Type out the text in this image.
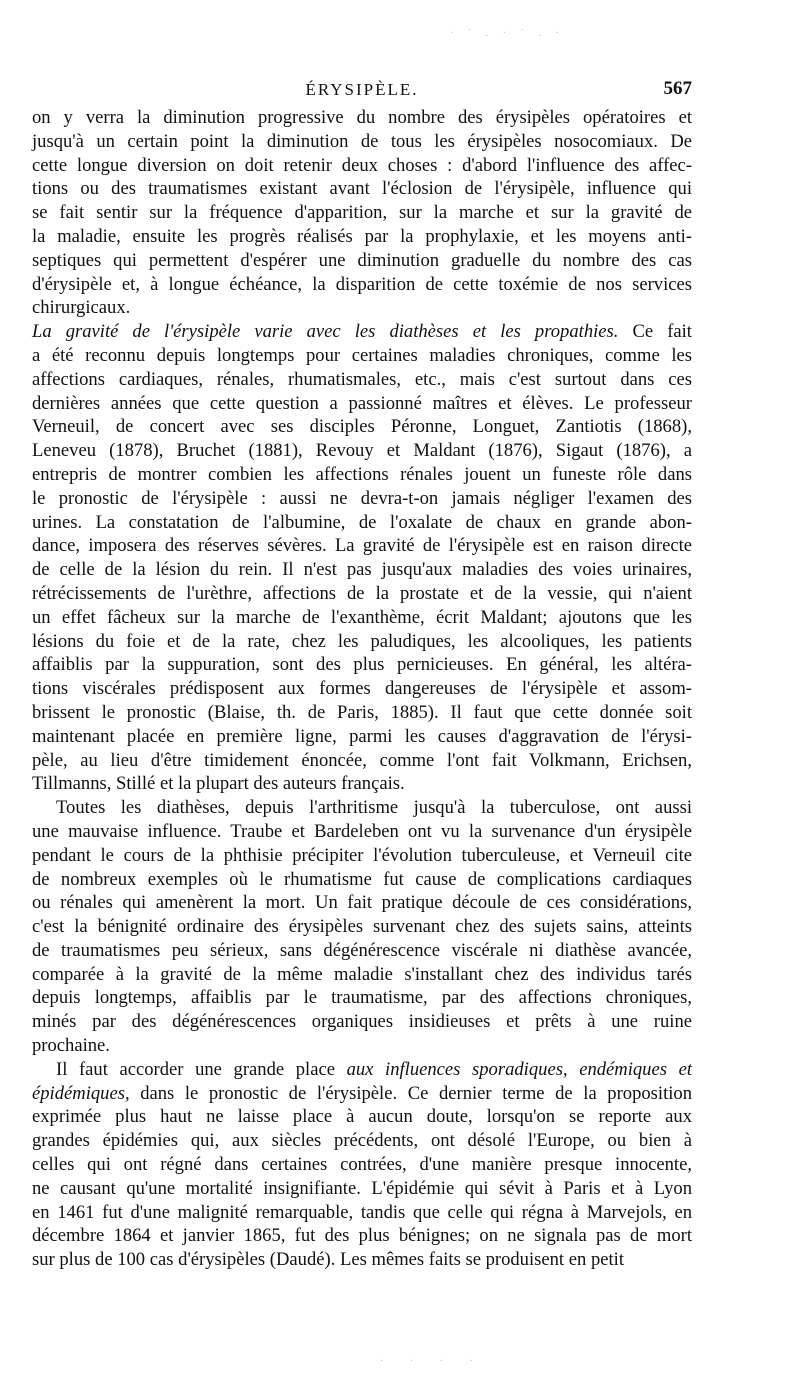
· ˙ . · ˙ . ·
ÉRYSIPÈLE.	567
on y verra la diminution progressive du nombre des érysipèles opératoires et
jusqu'à un certain point la diminution de tous les érysipèles nosocomiaux. De
cette longue diversion on doit retenir deux choses : d'abord l'influence des affec-
tions ou des traumatismes existant avant l'éclosion de l'érysipèle, influence qui
se fait sentir sur la fréquence d'apparition, sur la marche et sur la gravité de
la maladie, ensuite les progrès réalisés par la prophylaxie, et les moyens anti-
septiques qui permettent d'espérer une diminution graduelle du nombre des cas
d'érysipèle et, à longue échéance, la disparition de cette toxémie de nos services
chirurgicaux.
La gravité de l'érysipèle varie avec les diathèses et les propathies. Ce fait
a été reconnu depuis longtemps pour certaines maladies chroniques, comme les
affections cardiaques, rénales, rhumatismales, etc., mais c'est surtout dans ces
dernières années que cette question a passionné maîtres et élèves. Le professeur
Verneuil, de concert avec ses disciples Péronne, Longuet, Zantiotis (1868),
Leneveu (1878), Bruchet (1881), Revouy et Maldant (1876), Sigaut (1876), a
entrepris de montrer combien les affections rénales jouent un funeste rôle dans
le pronostic de l'érysipèle : aussi ne devra-t-on jamais négliger l'examen des
urines. La constatation de l'albumine, de l'oxalate de chaux en grande abon-
dance, imposera des réserves sévères. La gravité de l'érysipèle est en raison directe
de celle de la lésion du rein. Il n'est pas jusqu'aux maladies des voies urinaires,
rétrécissements de l'urèthre, affections de la prostate et de la vessie, qui n'aient
un effet fâcheux sur la marche de l'exanthème, écrit Maldant; ajoutons que les
lésions du foie et de la rate, chez les paludiques, les alcooliques, les patients
affaiblis par la suppuration, sont des plus pernicieuses. En général, les altéra-
tions viscérales prédisposent aux formes dangereuses de l'érysipèle et assom-
brissent le pronostic (Blaise, th. de Paris, 1885). Il faut que cette donnée soit
maintenant placée en première ligne, parmi les causes d'aggravation de l'érysi-
pèle, au lieu d'être timidement énoncée, comme l'ont fait Volkmann, Erichsen,
Tillmanns, Stillé et la plupart des auteurs français.
Toutes les diathèses, depuis l'arthritisme jusqu'à la tuberculose, ont aussi
une mauvaise influence. Traube et Bardeleben ont vu la survenance d'un érysipèle
pendant le cours de la phthisie précipiter l'évolution tuberculeuse, et Verneuil cite
de nombreux exemples où le rhumatisme fut cause de complications cardiaques
ou rénales qui amenèrent la mort. Un fait pratique découle de ces considérations,
c'est la bénignité ordinaire des érysipèles survenant chez des sujets sains, atteints
de traumatismes peu sérieux, sans dégénérescence viscérale ni diathèse avancée,
comparée à la gravité de la même maladie s'installant chez des individus tarés
depuis longtemps, affaiblis par le traumatisme, par des affections chroniques,
minés par des dégénérescences organiques insidieuses et prêts à une ruine
prochaine.
Il faut accorder une grande place aux influences sporadiques, endémiques et
épidémiques, dans le pronostic de l'érysipèle. Ce dernier terme de la proposition
exprimée plus haut ne laisse place à aucun doute, lorsqu'on se reporte aux
grandes épidémies qui, aux siècles précédents, ont désolé l'Europe, ou bien à
celles qui ont régné dans certaines contrées, d'une manière presque innocente,
ne causant qu'une mortalité insignifiante. L'épidémie qui sévit à Paris et à Lyon
en 1461 fut d'une malignité remarquable, tandis que celle qui régna à Marvejols, en
décembre 1864 et janvier 1865, fut des plus bénignes; on ne signala pas de mort
sur plus de 100 cas d'érysipèles (Daudé). Les mêmes faits se produisent en petit
· · · ·
